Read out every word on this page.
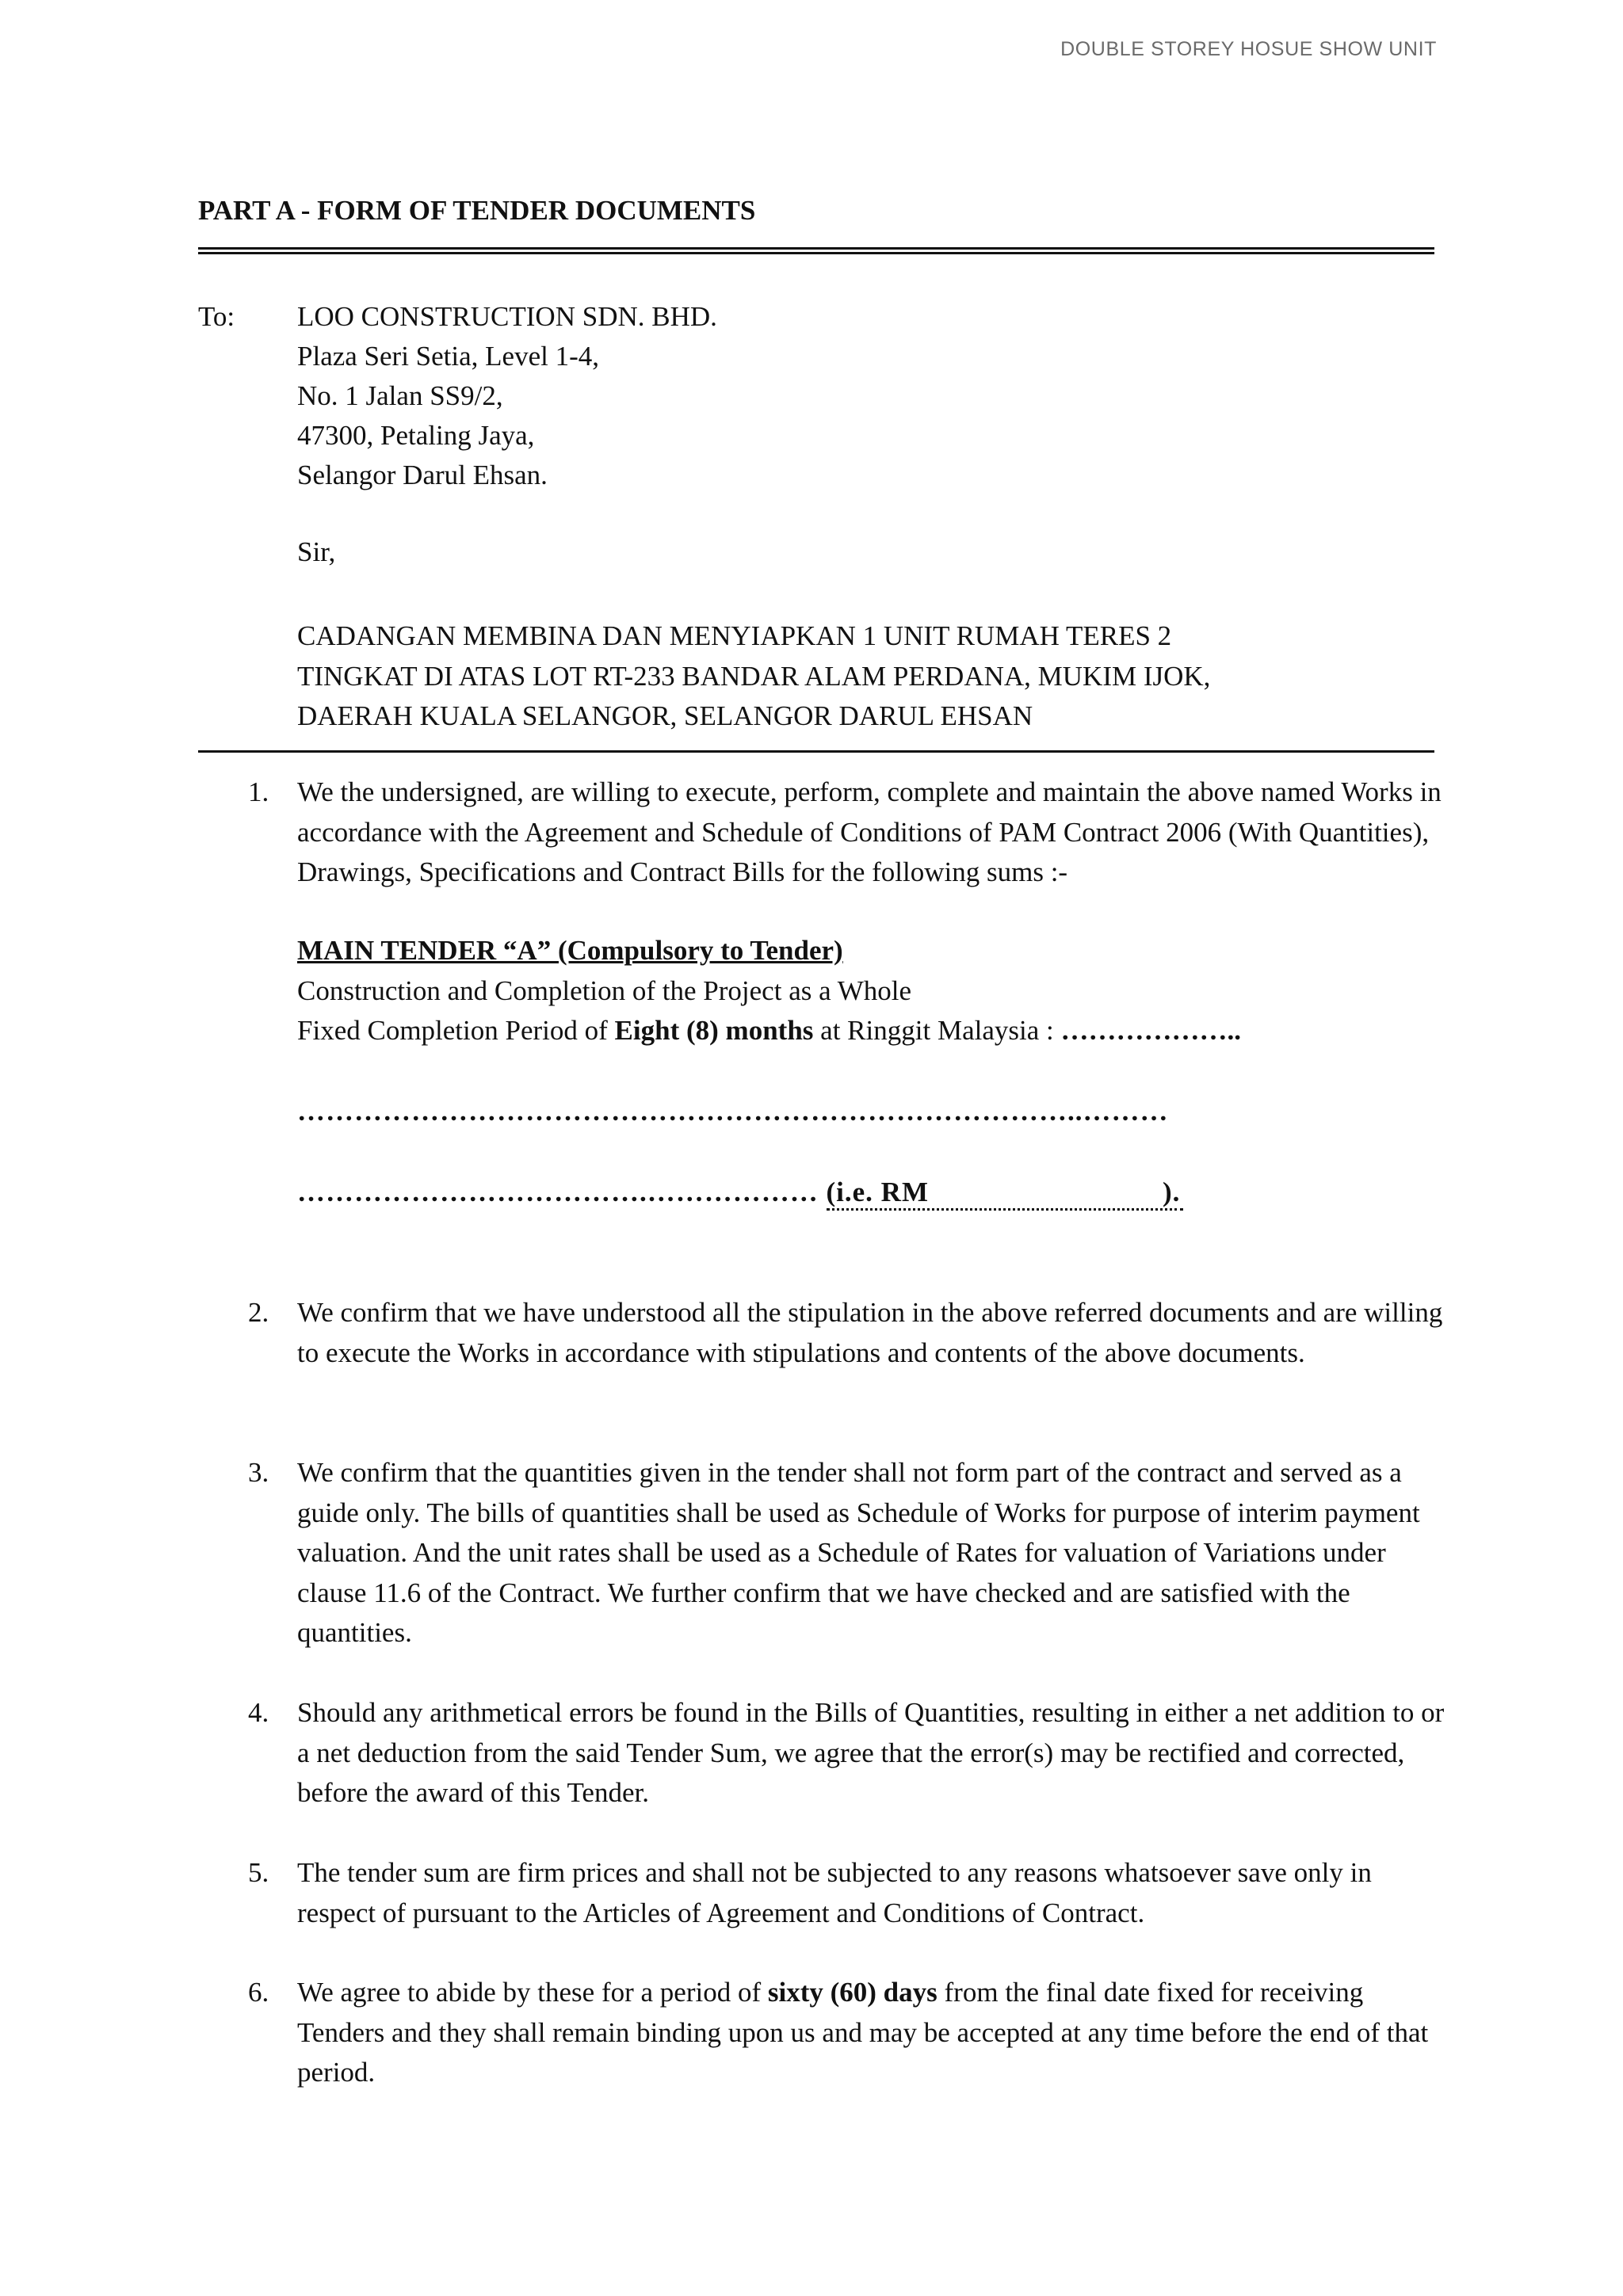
DOUBLE STOREY HOSUE SHOW UNIT
PART A - FORM OF TENDER DOCUMENTS
To: LOO CONSTRUCTION SDN. BHD.
Plaza Seri Setia, Level 1-4,
No. 1 Jalan SS9/2,
47300, Petaling Jaya,
Selangor Darul Ehsan.
Sir,
CADANGAN MEMBINA DAN MENYIAPKAN 1 UNIT RUMAH TERES 2
TINGKAT DI ATAS LOT RT-233 BANDAR ALAM PERDANA, MUKIM IJOK,
DAERAH KUALA SELANGOR, SELANGOR DARUL EHSAN
1. We the undersigned, are willing to execute, perform, complete and maintain the above named Works in accordance with the Agreement and Schedule of Conditions of PAM Contract 2006 (With Quantities), Drawings, Specifications and Contract Bills for the following sums :-
MAIN TENDER “A” (Compulsory to Tender)
Construction and Completion of the Project as a Whole
Fixed Completion Period of Eight (8) months at Ringgit Malaysia : ………………..
………………………………………………………………………..………
……………………………….……………… (i.e. RM	).
2. We confirm that we have understood all the stipulation in the above referred documents and are willing to execute the Works in accordance with stipulations and contents of the above documents.
3. We confirm that the quantities given in the tender shall not form part of the contract and served as a guide only. The bills of quantities shall be used as Schedule of Works for purpose of interim payment valuation. And the unit rates shall be used as a Schedule of Rates for valuation of Variations under clause 11.6 of the Contract. We further confirm that we have checked and are satisfied with the quantities.
4. Should any arithmetical errors be found in the Bills of Quantities, resulting in either a net addition to or a net deduction from the said Tender Sum, we agree that the error(s) may be rectified and corrected, before the award of this Tender.
5. The tender sum are firm prices and shall not be subjected to any reasons whatsoever save only in respect of pursuant to the Articles of Agreement and Conditions of Contract.
6. We agree to abide by these for a period of sixty (60) days from the final date fixed for receiving Tenders and they shall remain binding upon us and may be accepted at any time before the end of that period.
